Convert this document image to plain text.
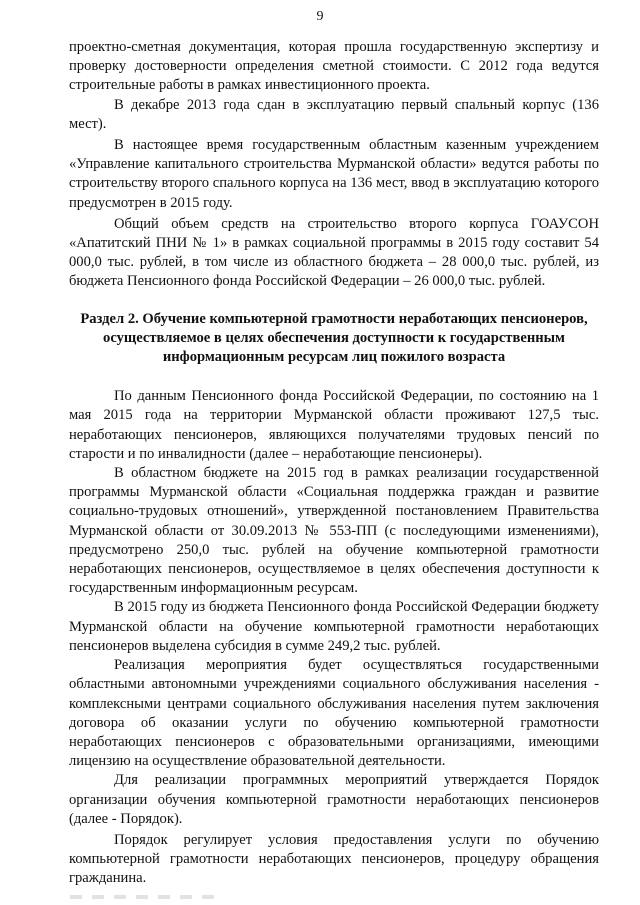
9

проектно-сметная документация, которая прошла государственную экспертизу и проверку достоверности определения сметной стоимости. С 2012 года ведутся строительные работы в рамках инвестиционного проекта.

В декабре 2013 года сдан в эксплуатацию первый спальный корпус (136 мест).

В настоящее время государственным областным казенным учреждением «Управление капитального строительства Мурманской области» ведутся работы по строительству второго спального корпуса на 136 мест, ввод в эксплуатацию которого предусмотрен в 2015 году.

Общий объем средств на строительство второго корпуса ГОАУСОН «Апатитский ПНИ № 1» в рамках социальной программы в 2015 году составит 54 000,0 тыс. рублей, в том числе из областного бюджета – 28 000,0 тыс. рублей, из бюджета Пенсионного фонда Российской Федерации – 26 000,0 тыс. рублей.

Раздел 2. Обучение компьютерной грамотности неработающих пенсионеров, осуществляемое в целях обеспечения доступности к государственным информационным ресурсам лиц пожилого возраста

По данным Пенсионного фонда Российской Федерации, по состоянию на 1 мая 2015 года на территории Мурманской области проживают 127,5 тыс. неработающих пенсионеров, являющихся получателями трудовых пенсий по старости и по инвалидности (далее – неработающие пенсионеры).

В областном бюджете на 2015 год в рамках реализации государственной программы Мурманской области «Социальная поддержка граждан и развитие социально-трудовых отношений», утвержденной постановлением Правительства Мурманской области от 30.09.2013 № 553-ПП (с последующими изменениями), предусмотрено 250,0 тыс. рублей на обучение компьютерной грамотности неработающих пенсионеров, осуществляемое в целях обеспечения доступности к государственным информационным ресурсам.

В 2015 году из бюджета Пенсионного фонда Российской Федерации бюджету Мурманской области на обучение компьютерной грамотности неработающих пенсионеров выделена субсидия в сумме 249,2 тыс. рублей.

Реализация мероприятия будет осуществляться государственными областными автономными учреждениями социального обслуживания населения - комплексными центрами социального обслуживания населения путем заключения договора об оказании услуги по обучению компьютерной грамотности неработающих пенсионеров с образовательными организациями, имеющими лицензию на осуществление образовательной деятельности.

Для реализации программных мероприятий утверждается Порядок организации обучения компьютерной грамотности неработающих пенсионеров (далее - Порядок).

Порядок регулирует условия предоставления услуги по обучению компьютерной грамотности неработающих пенсионеров, процедуру обращения гражданина.
